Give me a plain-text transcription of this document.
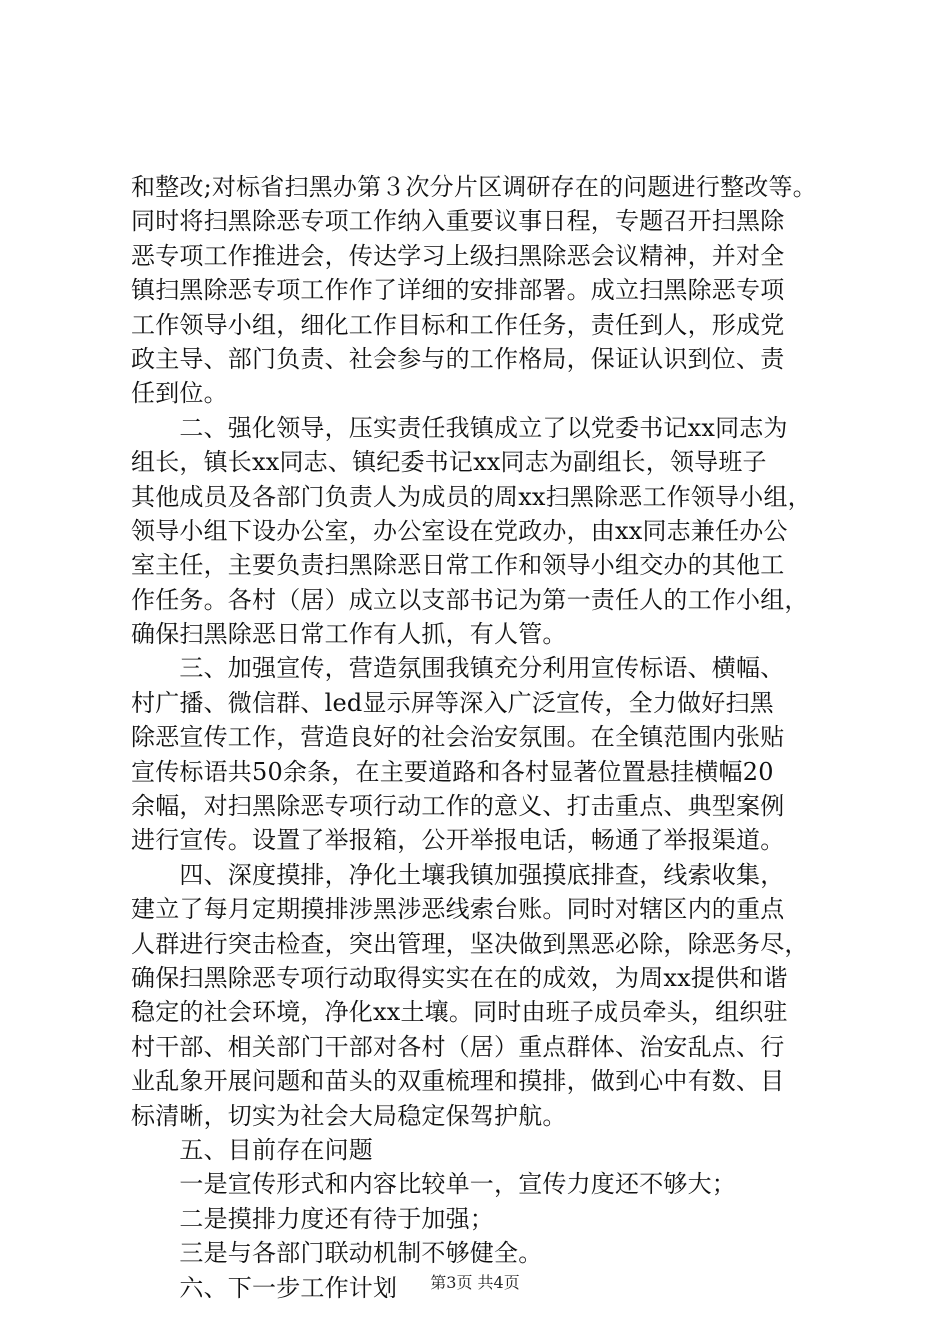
和整改;对标省扫黑办第３次分片区调研存在的问题进行整改等。
同时将扫黑除恶专项工作纳入重要议事日程，专题召开扫黑除
恶专项工作推进会，传达学习上级扫黑除恶会议精神，并对全
镇扫黑除恶专项工作作了详细的安排部署。成立扫黑除恶专项
工作领导小组，细化工作目标和工作任务，责任到人，形成党
政主导、部门负责、社会参与的工作格局，保证认识到位、责
任到位。
　　二、强化领导，压实责任我镇成立了以党委书记xx同志为
组长，镇长xx同志、镇纪委书记xx同志为副组长，领导班子
其他成员及各部门负责人为成员的周xx扫黑除恶工作领导小组，
领导小组下设办公室，办公室设在党政办，由xx同志兼任办公
室主任，主要负责扫黑除恶日常工作和领导小组交办的其他工
作任务。各村（居）成立以支部书记为第一责任人的工作小组，
确保扫黑除恶日常工作有人抓，有人管。
　　三、加强宣传，营造氛围我镇充分利用宣传标语、横幅、
村广播、微信群、led显示屏等深入广泛宣传，全力做好扫黑
除恶宣传工作，营造良好的社会治安氛围。在全镇范围内张贴
宣传标语共50余条，在主要道路和各村显著位置悬挂横幅20
余幅，对扫黑除恶专项行动工作的意义、打击重点、典型案例
进行宣传。设置了举报箱，公开举报电话，畅通了举报渠道。
　　四、深度摸排，净化土壤我镇加强摸底排查，线索收集，
建立了每月定期摸排涉黑涉恶线索台账。同时对辖区内的重点
人群进行突击检查，突出管理，坚决做到黑恶必除，除恶务尽，
确保扫黑除恶专项行动取得实实在在的成效，为周xx提供和谐
稳定的社会环境，净化xx土壤。同时由班子成员牵头，组织驻
村干部、相关部门干部对各村（居）重点群体、治安乱点、行
业乱象开展问题和苗头的双重梳理和摸排，做到心中有数、目
标清晰，切实为社会大局稳定保驾护航。
　　五、目前存在问题
　　一是宣传形式和内容比较单一，宣传力度还不够大；
　　二是摸排力度还有待于加强；
　　三是与各部门联动机制不够健全。
　　六、下一步工作计划	第3页 共4页
